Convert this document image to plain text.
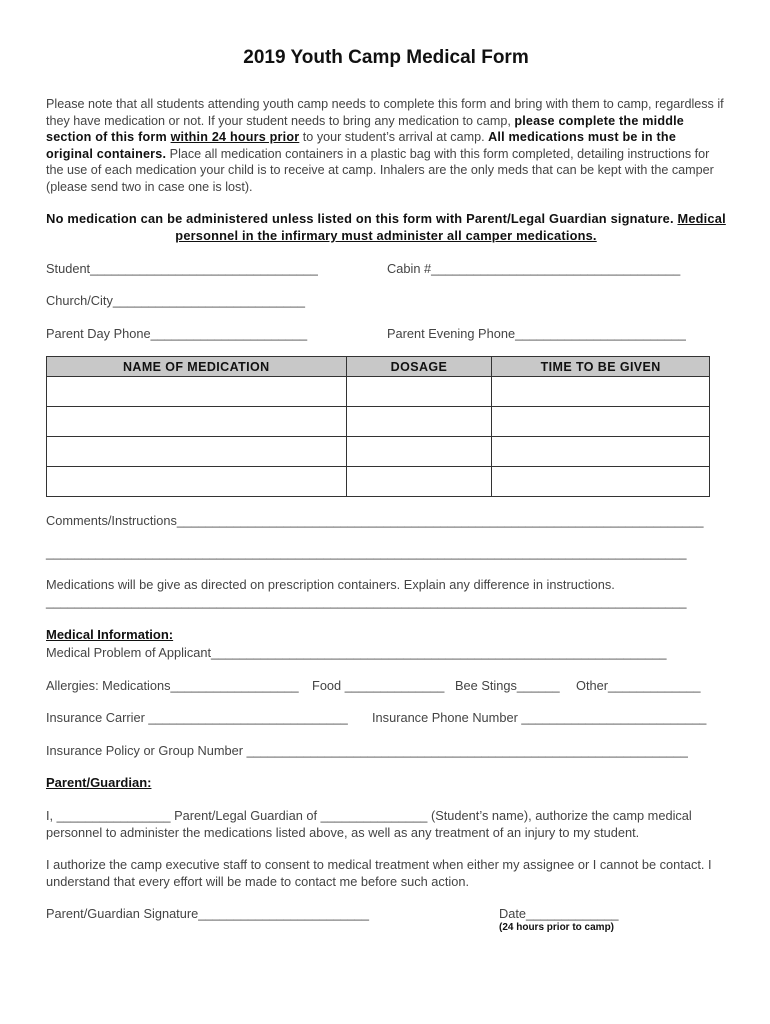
2019 Youth Camp Medical Form
Please note that all students attending youth camp needs to complete this form and bring with them to camp, regardless if they have medication or not. If your student needs to bring any medication to camp, please complete the middle section of this form within 24 hours prior to your student’s arrival at camp. All medications must be in the original containers. Place all medication containers in a plastic bag with this form completed, detailing instructions for the use of each medication your child is to receive at camp. Inhalers are the only meds that can be kept with the camper (please send two in case one is lost).
No medication can be administered unless listed on this form with Parent/Legal Guardian signature. Medical personnel in the infirmary must administer all camper medications.
Student________________________________	Cabin #___________________________________
Church/City___________________________
Parent Day Phone______________________	Parent Evening Phone________________________
NAME OF MEDICATION	DOSAGE	TIME TO BE GIVEN

Comments/Instructions__________________________________________________________________________
__________________________________________________________________________________________
Medications will be give as directed on prescription containers. Explain any difference in instructions.
__________________________________________________________________________________________
Medical Information:
Medical Problem of Applicant________________________________________________________________
Allergies: Medications__________________ Food ______________ Bee Stings______ Other_____________
Insurance Carrier ____________________________ Insurance Phone Number __________________________
Insurance Policy or Group Number ______________________________________________________________
Parent/Guardian:
I, ________________ Parent/Legal Guardian of _______________ (Student’s name), authorize the camp medical personnel to administer the medications listed above, as well as any treatment of an injury to my student.
I authorize the camp executive staff to consent to medical treatment when either my assignee or I cannot be contact. I understand that every effort will be made to contact me before such action.
Parent/Guardian Signature________________________	Date_____________
(24 hours prior to camp)
